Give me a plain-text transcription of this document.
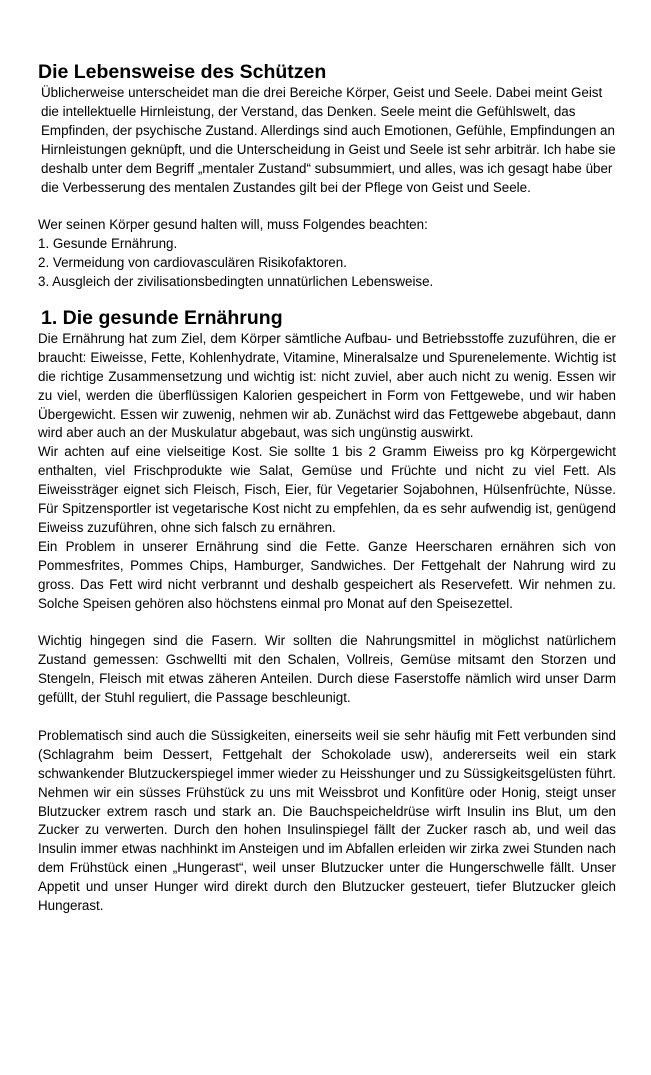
Die Lebensweise des Schützen

Üblicherweise unterscheidet man die drei Bereiche Körper, Geist und Seele. Dabei meint Geist die intellektuelle Hirnleistung, der Verstand, das Denken. Seele meint die Gefühlswelt, das Empfinden, der psychische Zustand. Allerdings sind auch Emotionen, Gefühle, Empfindungen an Hirnleistungen geknüpft, und die Unterscheidung in Geist und Seele ist sehr arbiträr. Ich habe sie deshalb unter dem Begriff „mentaler Zustand“ subsummiert, und alles, was ich gesagt habe über die Verbesserung des mentalen Zustandes gilt bei der Pflege von Geist und Seele.

Wer seinen Körper gesund halten will, muss Folgendes beachten:

1. Gesunde Ernährung.

2. Vermeidung von cardiovasculären Risikofaktoren.

3. Ausgleich der zivilisationsbedingten unnatürlichen Lebensweise.

1. Die gesunde Ernährung

Die Ernährung hat zum Ziel, dem Körper sämtliche Aufbau- und Betriebsstoffe zuzuführen, die er braucht: Eiweisse, Fette, Kohlenhydrate, Vitamine, Mineralsalze und Spurenelemente. Wichtig ist die richtige Zusammensetzung und wichtig ist: nicht zuviel, aber auch nicht zu wenig. Essen wir zu viel, werden die überflüssigen Kalorien gespeichert in Form von Fettgewebe, und wir haben Übergewicht. Essen wir zuwenig, nehmen wir ab. Zunächst wird das Fettgewebe abgebaut, dann wird aber auch an der Muskulatur abgebaut, was sich ungünstig auswirkt.

Wir achten auf eine vielseitige Kost. Sie sollte 1 bis 2 Gramm Eiweiss pro kg Körpergewicht enthalten, viel Frischprodukte wie Salat, Gemüse und Früchte und nicht zu viel Fett. Als Eiweissträger eignet sich Fleisch, Fisch, Eier, für Vegetarier Sojabohnen, Hülsenfrüchte, Nüsse. Für Spitzensportler ist vegetarische Kost nicht zu empfehlen, da es sehr aufwendig ist, genügend Eiweiss zuzuführen, ohne sich falsch zu ernähren.

Ein Problem in unserer Ernährung sind die Fette. Ganze Heerscharen ernähren sich von Pommesfrites, Pommes Chips, Hamburger, Sandwiches. Der Fettgehalt der Nahrung wird zu gross. Das Fett wird nicht verbrannt und deshalb gespeichert als Reservefett. Wir nehmen zu. Solche Speisen gehören also höchstens einmal pro Monat auf den Speisezettel.

Wichtig hingegen sind die Fasern. Wir sollten die Nahrungsmittel in möglichst natürlichem Zustand gemessen: Gschwellti mit den Schalen, Vollreis, Gemüse mitsamt den Storzen und Stengeln, Fleisch mit etwas zäheren Anteilen. Durch diese Faserstoffe nämlich wird unser Darm gefüllt, der Stuhl reguliert, die Passage beschleunigt.

Problematisch sind auch die Süssigkeiten, einerseits weil sie sehr häufig mit Fett verbunden sind (Schlagrahm beim Dessert, Fettgehalt der Schokolade usw), andererseits weil ein stark schwankender Blutzuckerspiegel immer wieder zu Heisshunger und zu Süssigkeitsgelüsten führt. Nehmen wir ein süsses Frühstück zu uns mit Weissbrot und Konfitüre oder Honig, steigt unser Blutzucker extrem rasch und stark an. Die Bauchspeicheldrüse wirft Insulin ins Blut, um den Zucker zu verwerten. Durch den hohen Insulinspiegel fällt der Zucker rasch ab, und weil das Insulin immer etwas nachhinkt im Ansteigen und im Abfallen erleiden wir zirka zwei Stunden nach dem Frühstück einen „Hungerast“, weil unser Blutzucker unter die Hungerschwelle fällt. Unser Appetit und unser Hunger wird direkt durch den Blutzucker gesteuert, tiefer Blutzucker gleich Hungerast.
